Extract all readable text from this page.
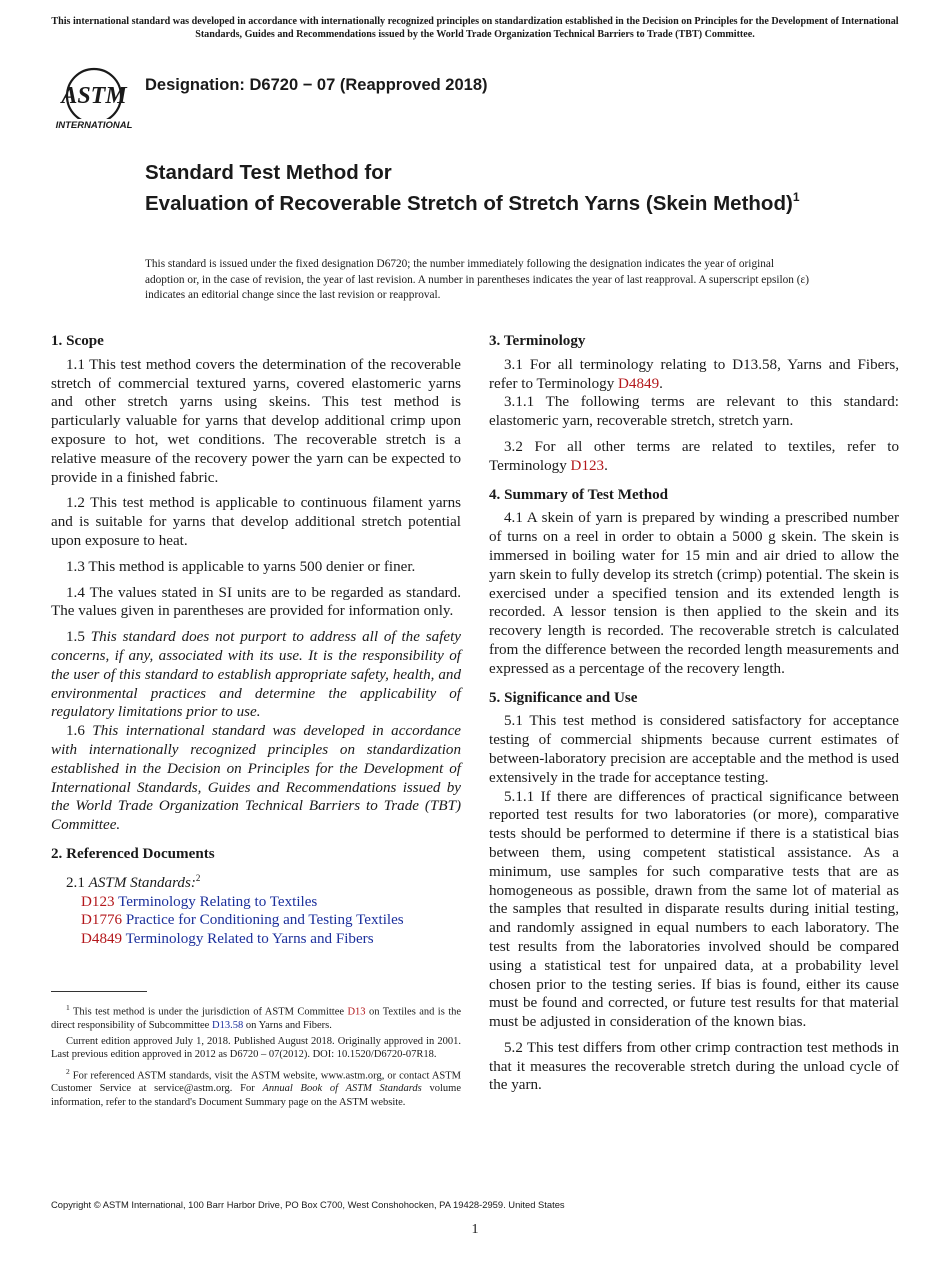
This international standard was developed in accordance with internationally recognized principles on standardization established in the Decision on Principles for the Development of International Standards, Guides and Recommendations issued by the World Trade Organization Technical Barriers to Trade (TBT) Committee.
ASTM
INTERNATIONAL
Designation: D6720 − 07 (Reapproved 2018)
Standard Test Method for
Evaluation of Recoverable Stretch of Stretch Yarns (Skein Method)$^1$
This standard is issued under the fixed designation D6720; the number immediately following the designation indicates the year of original adoption or, in the case of revision, the year of last revision. A number in parentheses indicates the year of last reapproval. A superscript epsilon (ε) indicates an editorial change since the last revision or reapproval.
1. Scope

1.1 This test method covers the determination of the recoverable stretch of commercial textured yarns, covered elastomeric yarns and other stretch yarns using skeins. This test method is particularly valuable for yarns that develop additional crimp upon exposure to hot, wet conditions. The recoverable stretch is a relative measure of the recovery power the yarn can be expected to provide in a finished fabric.

1.2 This test method is applicable to continuous filament yarns and is suitable for yarns that develop additional stretch potential upon exposure to heat.

1.3 This method is applicable to yarns 500 denier or finer.

1.4 The values stated in SI units are to be regarded as standard. The values given in parentheses are provided for information only.

1.5 This standard does not purport to address all of the safety concerns, if any, associated with its use. It is the responsibility of the user of this standard to establish appropriate safety, health, and environmental practices and determine the applicability of regulatory limitations prior to use.

1.6 This international standard was developed in accordance with internationally recognized principles on standardization established in the Decision on Principles for the Development of International Standards, Guides and Recommendations issued by the World Trade Organization Technical Barriers to Trade (TBT) Committee.

2. Referenced Documents

2.1 ASTM Standards:$^2$

D123 Terminology Relating to Textiles

D1776 Practice for Conditioning and Testing Textiles

D4849 Terminology Related to Yarns and Fibers

3. Terminology

3.1 For all terminology relating to D13.58, Yarns and Fibers, refer to Terminology D4849.

3.1.1 The following terms are relevant to this standard: elastomeric yarn, recoverable stretch, stretch yarn.

3.2 For all other terms are related to textiles, refer to Terminology D123.

4. Summary of Test Method

4.1 A skein of yarn is prepared by winding a prescribed number of turns on a reel in order to obtain a 5000 g skein. The skein is immersed in boiling water for 15 min and air dried to allow the yarn skein to fully develop its stretch (crimp) potential. The skein is exercised under a specified tension and its extended length is recorded. A lessor tension is then applied to the skein and its recovery length is recorded. The recoverable stretch is calculated from the difference between the recorded length measurements and expressed as a percentage of the recovery length.

5. Significance and Use

5.1 This test method is considered satisfactory for acceptance testing of commercial shipments because current estimates of between-laboratory precision are acceptable and the method is used extensively in the trade for acceptance testing.

5.1.1 If there are differences of practical significance between reported test results for two laboratories (or more), comparative tests should be performed to determine if there is a statistical bias between them, using competent statistical assistance. As a minimum, use samples for such comparative tests that are as homogeneous as possible, drawn from the same lot of material as the samples that resulted in disparate results during initial testing, and randomly assigned in equal numbers to each laboratory. The test results from the laboratories involved should be compared using a statistical test for unpaired data, at a probability level chosen prior to the testing series. If bias is found, either its cause must be found and corrected, or future test results for that material must be adjusted in consideration of the known bias.

5.2 This test differs from other crimp contraction test methods in that it measures the recoverable stretch during the unload cycle of the yarn.

$^1$ This test method is under the jurisdiction of ASTM Committee D13 on Textiles and is the direct responsibility of Subcommittee D13.58 on Yarns and Fibers.

Current edition approved July 1, 2018. Published August 2018. Originally approved in 2001. Last previous edition approved in 2012 as D6720 – 07(2012). DOI: 10.1520/D6720-07R18.

$^2$ For referenced ASTM standards, visit the ASTM website, www.astm.org, or contact ASTM Customer Service at service@astm.org. For Annual Book of ASTM Standards volume information, refer to the standard's Document Summary page on the ASTM website.

Copyright © ASTM International, 100 Barr Harbor Drive, PO Box C700, West Conshohocken, PA 19428-2959. United States
1
